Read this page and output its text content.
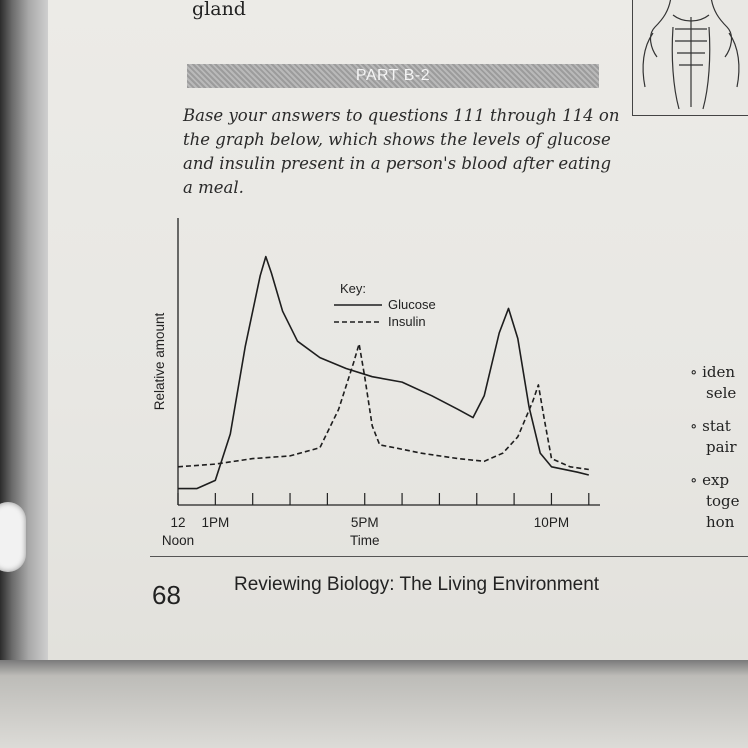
gland
PART B-2
Base your answers to questions 111 through 114 on the graph below, which shows the levels of glucose and insulin present in a person's blood after eating a meal.
12
Noon
1PM	5PM	10PM
Time
Relative amount
Key:
Glucose
Insulin
∘ iden
sele
∘ stat
pair
∘ exp
toge
hon
68	Reviewing Biology: The Living Environment
